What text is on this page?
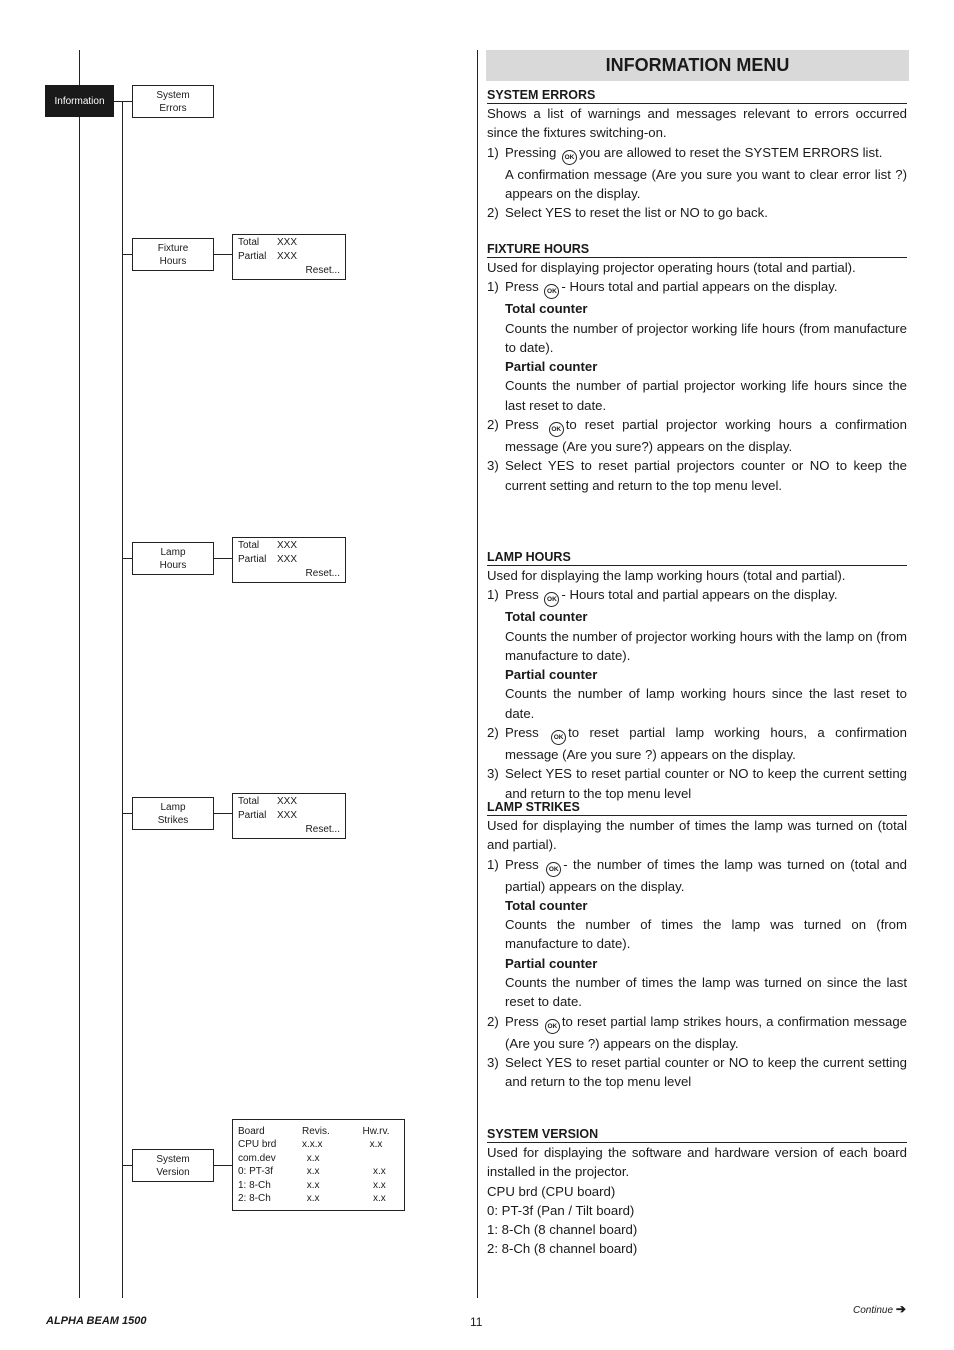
Information
System
Errors
Fixture
Hours
Lamp
Hours
Lamp
Strikes
System
Version
Total	XXX
Partial	XXX
Reset...
Total	XXX
Partial	XXX
Reset...
Total	XXX
Partial	XXX
Reset...
Board	Revis.	Hw.rv.
CPU brd	x.x.x	x.x
com.dev	x.x
0: PT-3f	x.x	x.x
1: 8-Ch	x.x	x.x
2: 8-Ch	x.x	x.x
INFORMATION MENU
SYSTEM ERRORS

Shows a list of warnings and messages relevant to errors occurred since the fixtures switching-on.

1) Pressing OK you are allowed to reset the SYSTEM ERRORS list.
A confirmation message (Are you sure you want to clear error list ?) appears on the display.
2) Select YES to reset the list or NO to go back.
FIXTURE HOURS

Used for displaying projector operating hours (total and partial).

1) Press OK - Hours total and partial appears on the display.
Total counter
Counts the number of projector working life hours (from manufacture to date).
Partial counter
Counts the number of partial projector working life hours since the last reset to date.
2) Press OK to reset partial projector working hours a confirmation message (Are you sure?) appears on the display.
3) Select YES to reset partial projectors counter or NO to keep the current setting and return to the top menu level.
LAMP HOURS

Used for displaying the lamp working hours (total and partial).

1) Press OK - Hours total and partial appears on the display.
Total counter
Counts the number of projector working hours with the lamp on (from manufacture to date).
Partial counter
Counts the number of lamp working hours since the last reset to date.
2) Press OK to reset partial lamp working hours, a confirmation message (Are you sure ?) appears on the display.
3) Select YES to reset partial counter or NO to keep the current setting and return to the top menu level
LAMP STRIKES

Used for displaying the number of times the lamp was turned on (total and partial).

1) Press OK - the number of times the lamp was turned on (total and partial) appears on the display.
Total counter
Counts the number of times the lamp was turned on (from manufacture to date).
Partial counter
Counts the number of times the lamp was turned on since the last reset to date.
2) Press OK to reset partial lamp strikes hours, a confirmation message (Are you sure ?) appears on the display.
3) Select YES to reset partial counter or NO to keep the current setting and return to the top menu level
SYSTEM VERSION

Used for displaying the software and hardware version of each board installed in the projector.

CPU brd (CPU board)
0: PT-3f (Pan / Tilt board)
1: 8-Ch (8 channel board)
2: 8-Ch (8 channel board)
ALPHA BEAM 1500	11
Continue ➔
